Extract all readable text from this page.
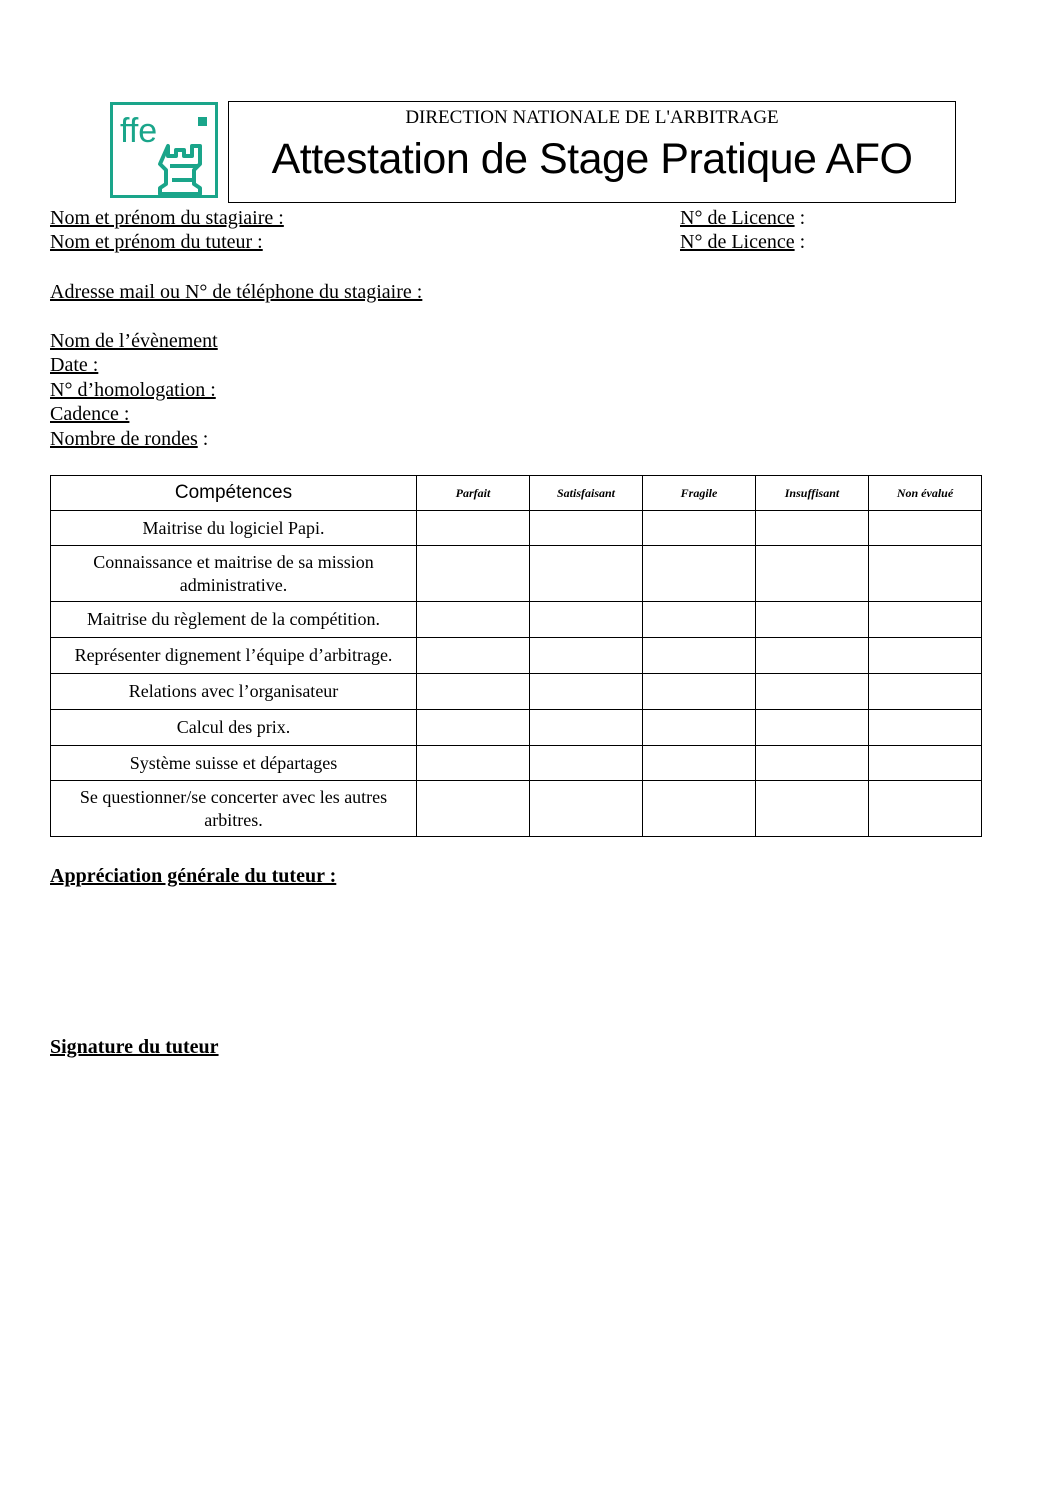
ffe	DIRECTION NATIONALE DE L'ARBITRAGE
Attestation de Stage Pratique AFO
Nom et prénom du stagiaire :	N° de Licence :
Nom et prénom du tuteur :	N° de Licence :
Adresse mail ou N° de téléphone du stagiaire :
Nom de l’évènement
Date :
N° d’homologation :
Cadence :
Nombre de rondes :
Compétences	Parfait	Satisfaisant	Fragile	Insuffisant	Non évalué
Maitrise du logiciel Papi.					
Connaissance et maitrise de sa mission administrative.					
Maitrise du règlement de la compétition.					
Représenter dignement l’équipe d’arbitrage.					
Relations avec l’organisateur					
Calcul des prix.					
Système suisse et départages					
Se questionner/se concerter avec les autres arbitres.					
Appréciation générale du tuteur :
Signature du tuteur
